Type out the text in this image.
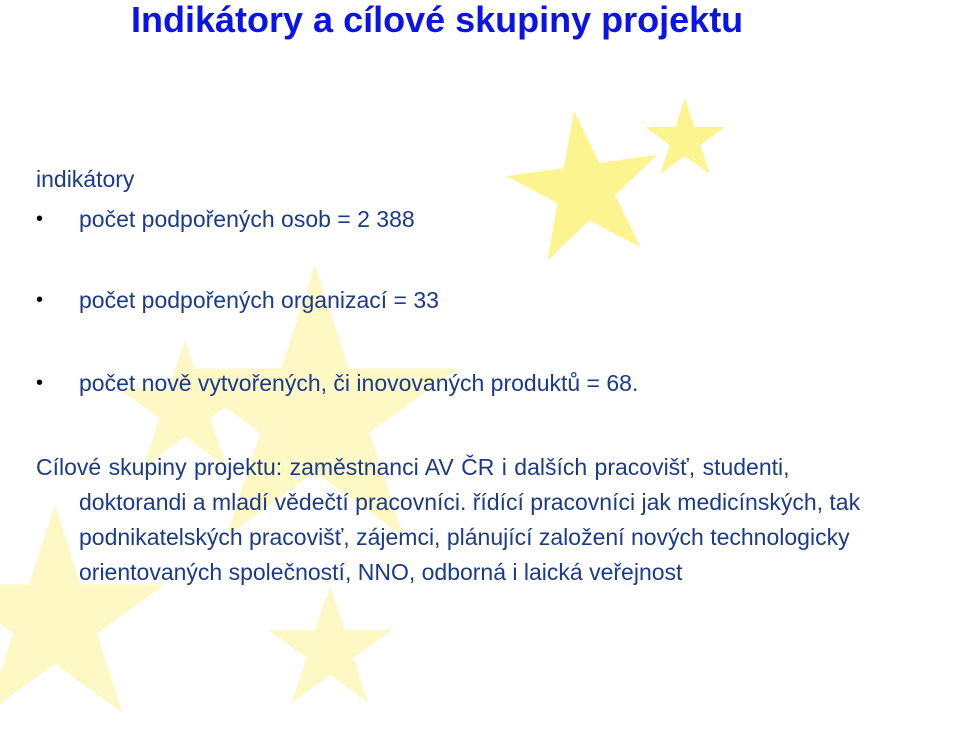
Indikátory a cílové skupiny projektu
indikátory
• počet podpořených osob = 2 388
• počet podpořených organizací = 33
• počet nově vytvořených, či inovovaných produktů = 68.

Cílové skupiny projektu: zaměstnanci AV ČR i dalších pracovišť, studenti,

doktorandi a mladí vědečtí pracovníci. řídící pracovníci jak medicínských, tak podnikatelských pracovišť, zájemci, plánující založení nových technologicky orientovaných společností, NNO, odborná i laická veřejnost
